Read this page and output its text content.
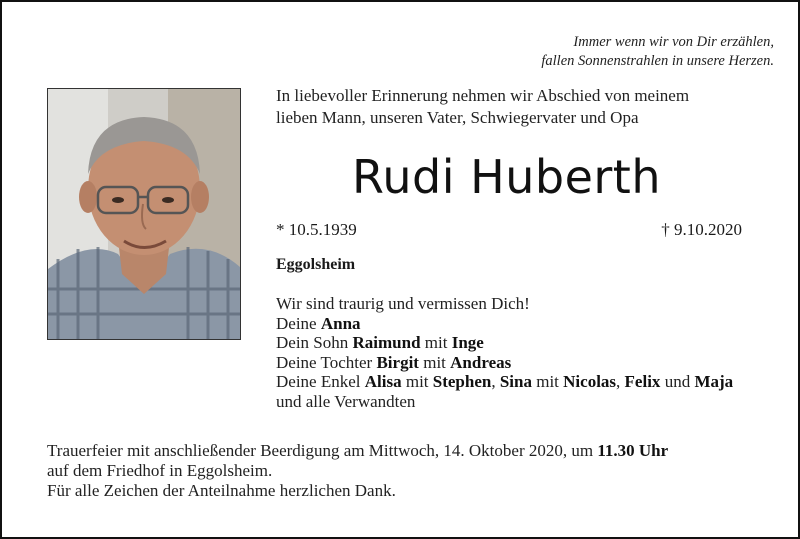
Immer wenn wir von Dir erzählen,
fallen Sonnenstrahlen in unsere Herzen.
In liebevoller Erinnerung nehmen wir Abschied von meinem
lieben Mann, unseren Vater, Schwiegervater und Opa
Rudi Huberth
* 10.5.1939	† 9.10.2020
Eggolsheim
Wir sind traurig und vermissen Dich!
Deine Anna
Dein Sohn Raimund mit Inge
Deine Tochter Birgit mit Andreas
Deine Enkel Alisa mit Stephen, Sina mit Nicolas, Felix und Maja
und alle Verwandten
Trauerfeier mit anschließender Beerdigung am Mittwoch, 14. Oktober 2020, um 11.30 Uhr
auf dem Friedhof in Eggolsheim.
Für alle Zeichen der Anteilnahme herzlichen Dank.
